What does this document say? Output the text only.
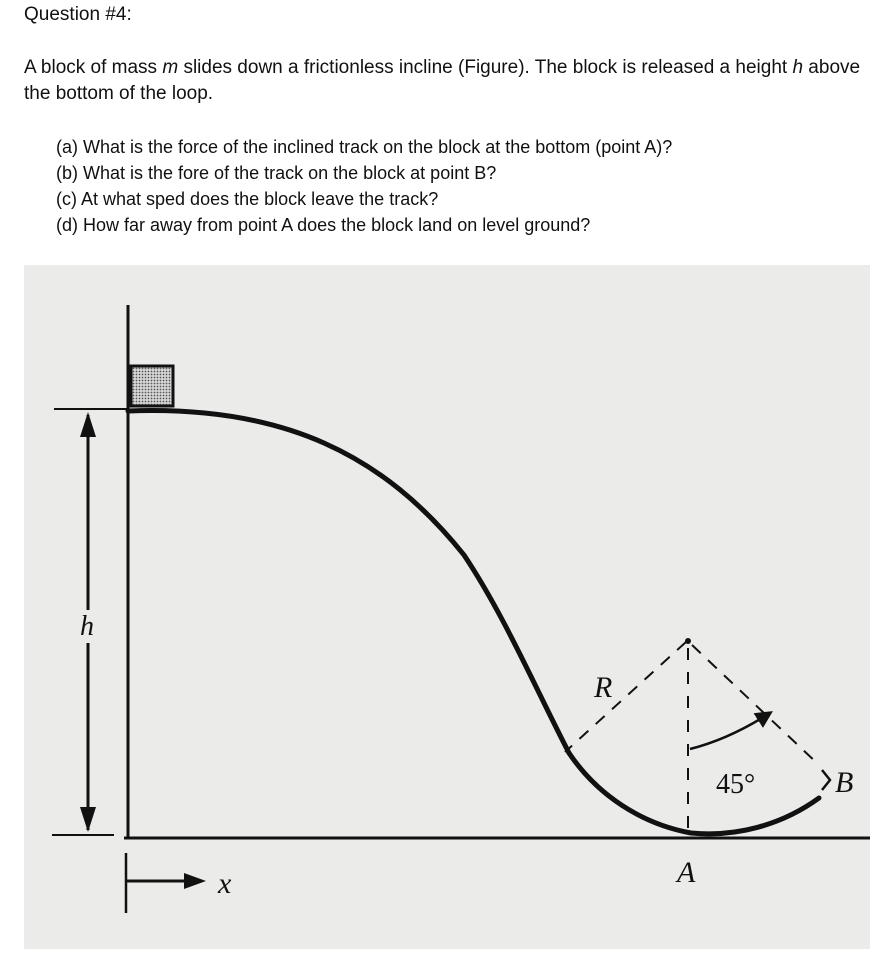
Question #4:
A block of mass m slides down a frictionless incline (Figure). The block is released a height h above the bottom of the loop.
(a) What is the force of the inclined track on the block at the bottom (point A)?
(b) What is the fore of the track on the block at point B?
(c) At what sped does the block leave the track?
(d) How far away from point A does the block land on level ground?
h
R
45°	B
A
x
